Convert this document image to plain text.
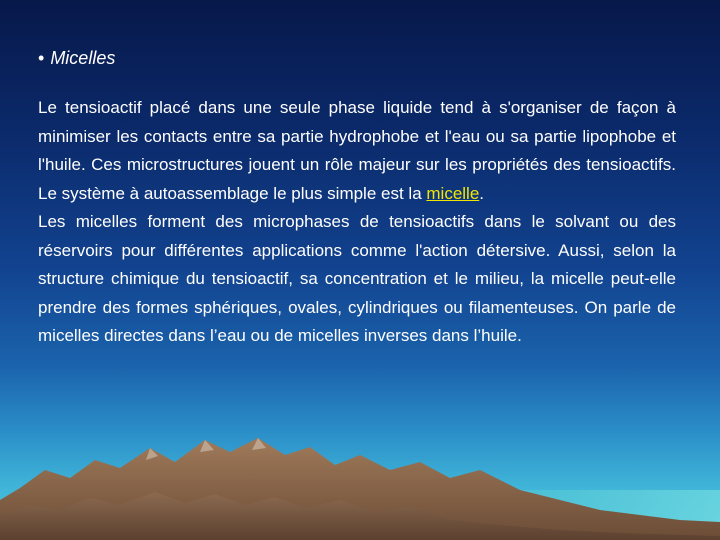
• Micelles

Le tensioactif placé dans une seule phase liquide tend à s'organiser de façon à minimiser les contacts entre sa partie hydrophobe et l'eau ou sa partie lipophobe et l'huile. Ces microstructures jouent un rôle majeur sur les propriétés des tensioactifs. Le système à autoassemblage le plus simple est la micelle.

Les micelles forment des microphases de tensioactifs dans le solvant ou des réservoirs pour différentes applications comme l'action détersive. Aussi, selon la structure chimique du tensioactif, sa concentration et le milieu, la micelle peut-elle prendre des formes sphériques, ovales, cylindriques ou filamenteuses. On parle de micelles directes dans l’eau ou de micelles inverses dans l’huile.
